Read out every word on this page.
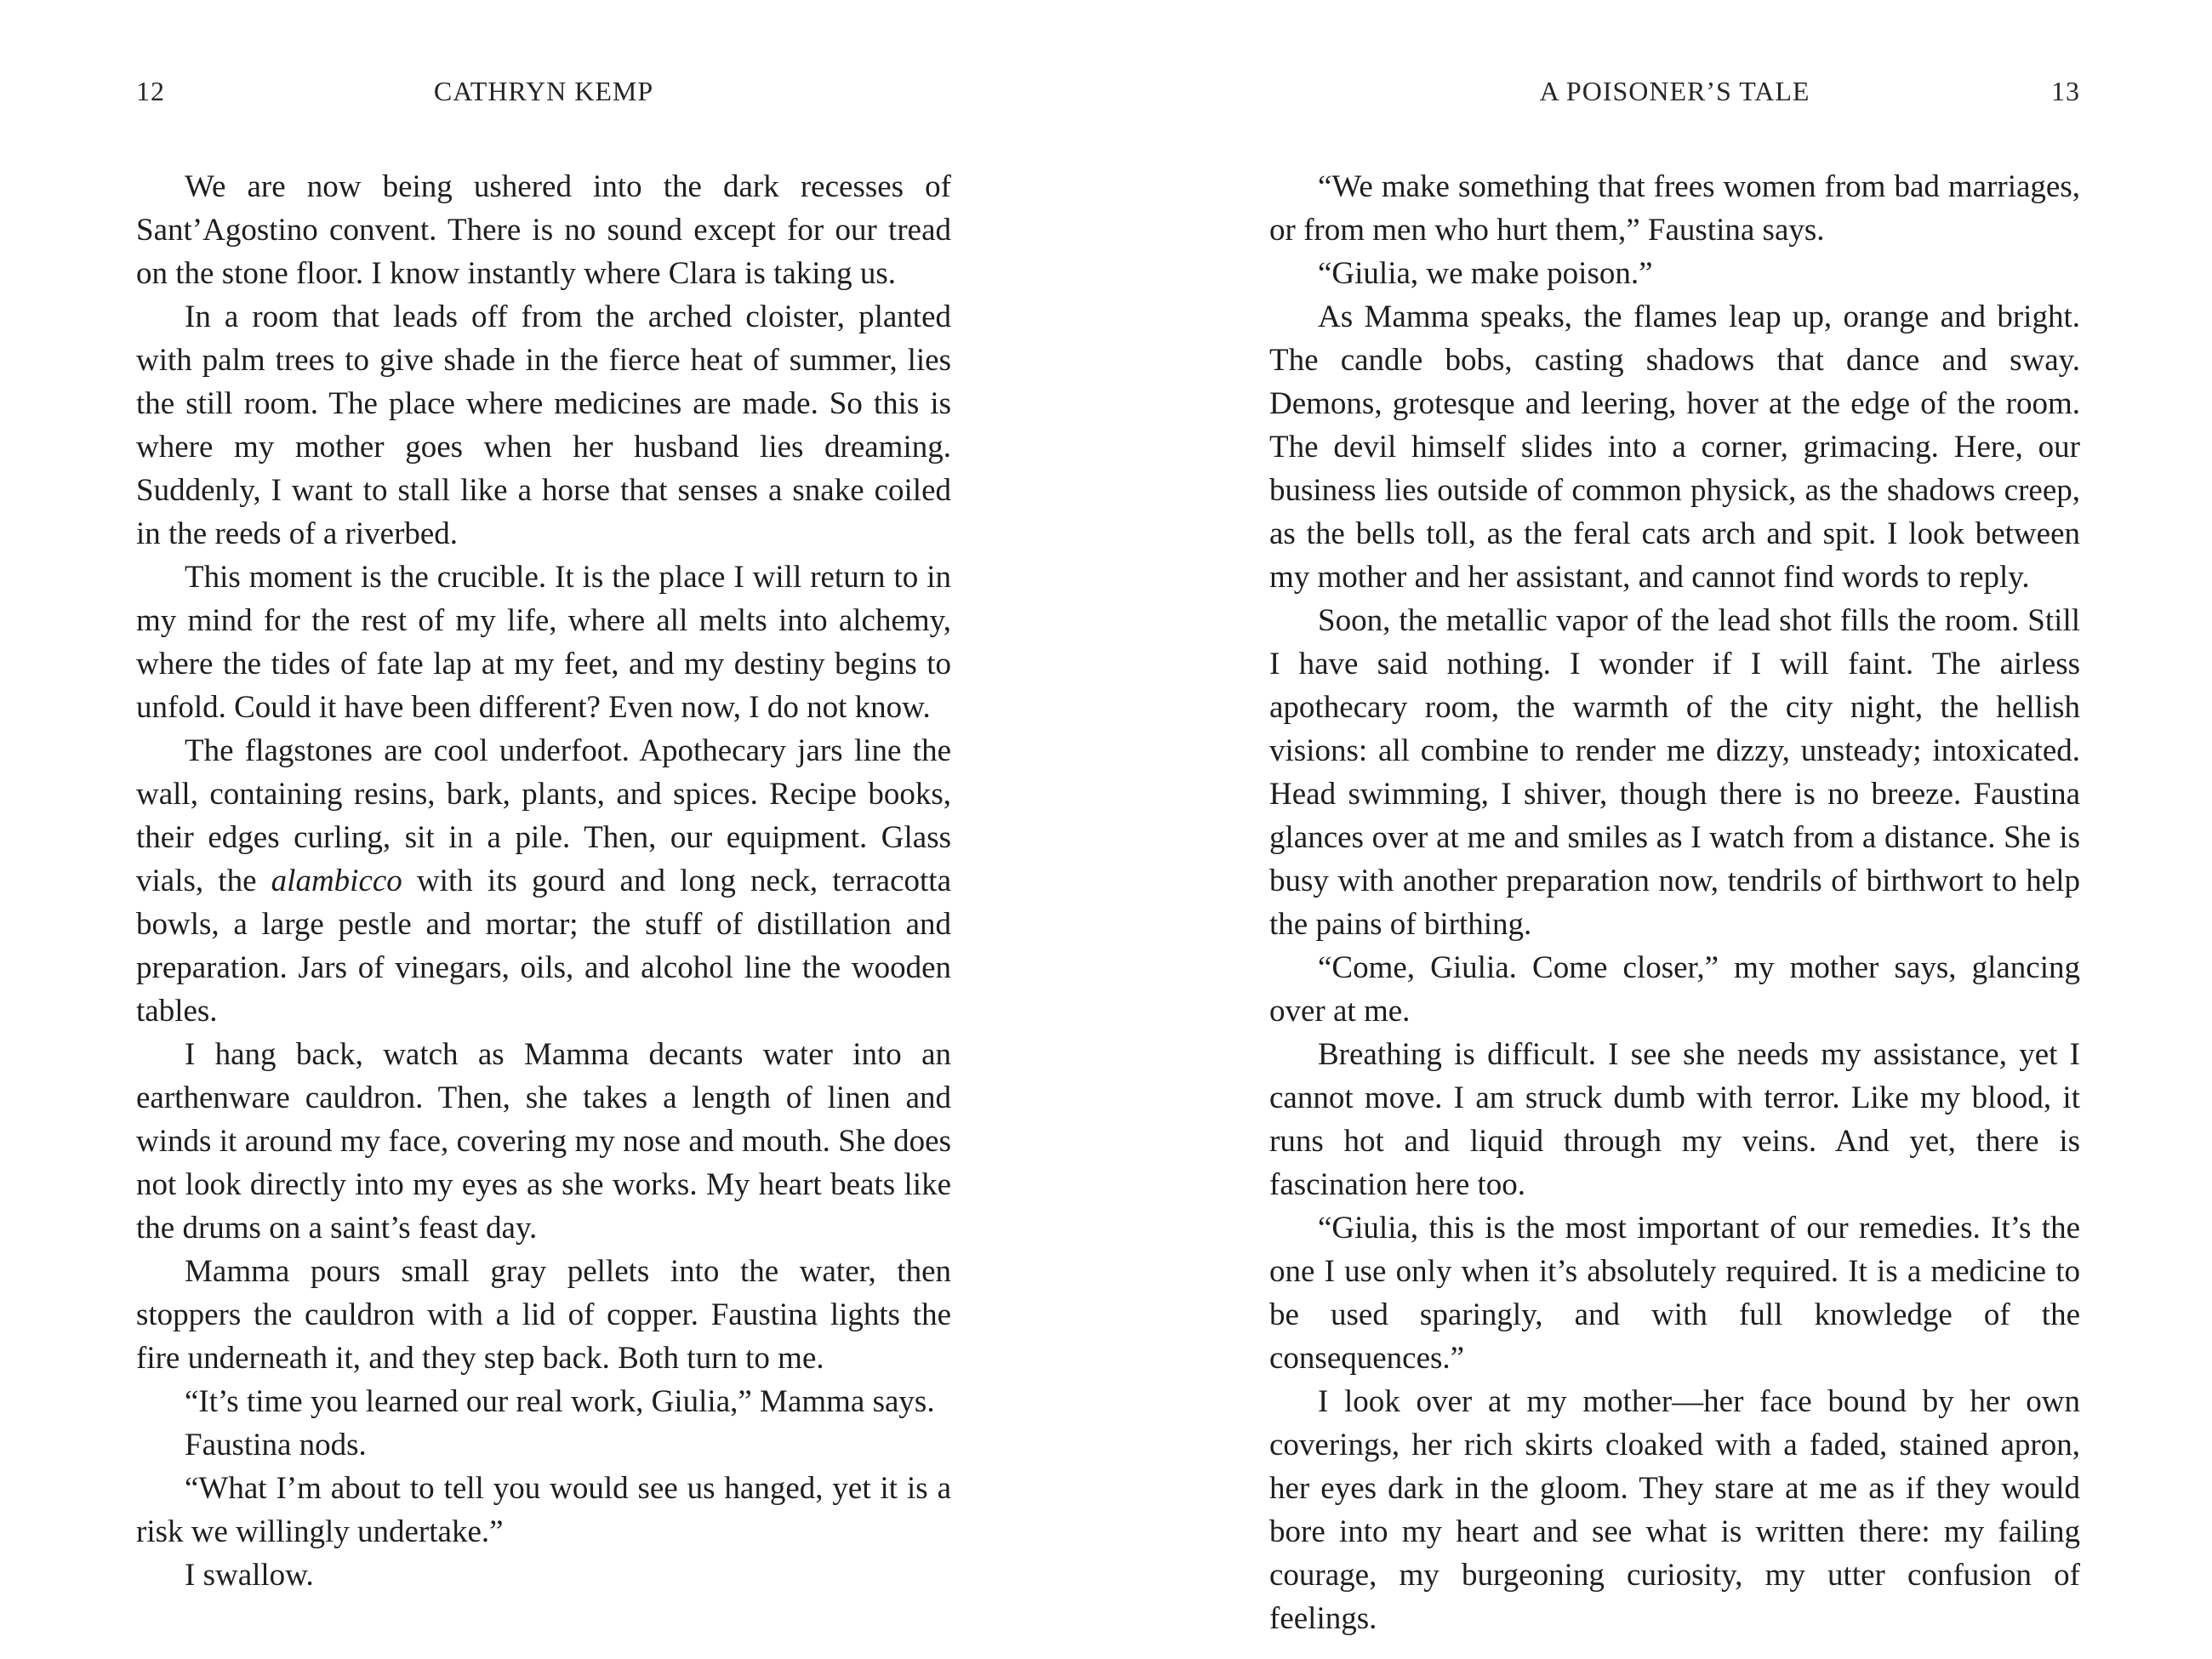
12	CATHRYN KEMP

We are now being ushered into the dark recesses of Sant’Agostino convent. There is no sound except for our tread on the stone floor. I know instantly where Clara is taking us.

In a room that leads off from the arched cloister, planted with palm trees to give shade in the fierce heat of summer, lies the still room. The place where medicines are made. So this is where my mother goes when her husband lies dreaming. Suddenly, I want to stall like a horse that senses a snake coiled in the reeds of a riverbed.

This moment is the crucible. It is the place I will return to in my mind for the rest of my life, where all melts into alchemy, where the tides of fate lap at my feet, and my destiny begins to unfold. Could it have been different? Even now, I do not know.

The flagstones are cool underfoot. Apothecary jars line the wall, containing resins, bark, plants, and spices. Recipe books, their edges curling, sit in a pile. Then, our equipment. Glass vials, the alambicco with its gourd and long neck, terracotta bowls, a large pestle and mortar; the stuff of distillation and preparation. Jars of vinegars, oils, and alcohol line the wooden tables.

I hang back, watch as Mamma decants water into an earthenware cauldron. Then, she takes a length of linen and winds it around my face, covering my nose and mouth. She does not look directly into my eyes as she works. My heart beats like the drums on a saint’s feast day.

Mamma pours small gray pellets into the water, then stoppers the cauldron with a lid of copper. Faustina lights the fire underneath it, and they step back. Both turn to me.

“It’s time you learned our real work, Giulia,” Mamma says.

Faustina nods.

“What I’m about to tell you would see us hanged, yet it is a risk we willingly undertake.”

I swallow.

A POISONER’S TALE	13

“We make something that frees women from bad marriages, or from men who hurt them,” Faustina says.

“Giulia, we make poison.”

As Mamma speaks, the flames leap up, orange and bright. The candle bobs, casting shadows that dance and sway. Demons, grotesque and leering, hover at the edge of the room. The devil himself slides into a corner, grimacing. Here, our business lies outside of common physick, as the shadows creep, as the bells toll, as the feral cats arch and spit. I look between my mother and her assistant, and cannot find words to reply.

Soon, the metallic vapor of the lead shot fills the room. Still I have said nothing. I wonder if I will faint. The airless apothecary room, the warmth of the city night, the hellish visions: all combine to render me dizzy, unsteady; intoxicated. Head swimming, I shiver, though there is no breeze. Faustina glances over at me and smiles as I watch from a distance. She is busy with another preparation now, tendrils of birthwort to help the pains of birthing.

“Come, Giulia. Come closer,” my mother says, glancing over at me.

Breathing is difficult. I see she needs my assistance, yet I cannot move. I am struck dumb with terror. Like my blood, it runs hot and liquid through my veins. And yet, there is fascination here too.

“Giulia, this is the most important of our remedies. It’s the one I use only when it’s absolutely required. It is a medicine to be used sparingly, and with full knowledge of the consequences.”

I look over at my mother—her face bound by her own coverings, her rich skirts cloaked with a faded, stained apron, her eyes dark in the gloom. They stare at me as if they would bore into my heart and see what is written there: my failing courage, my burgeoning curiosity, my utter confusion of feelings.
